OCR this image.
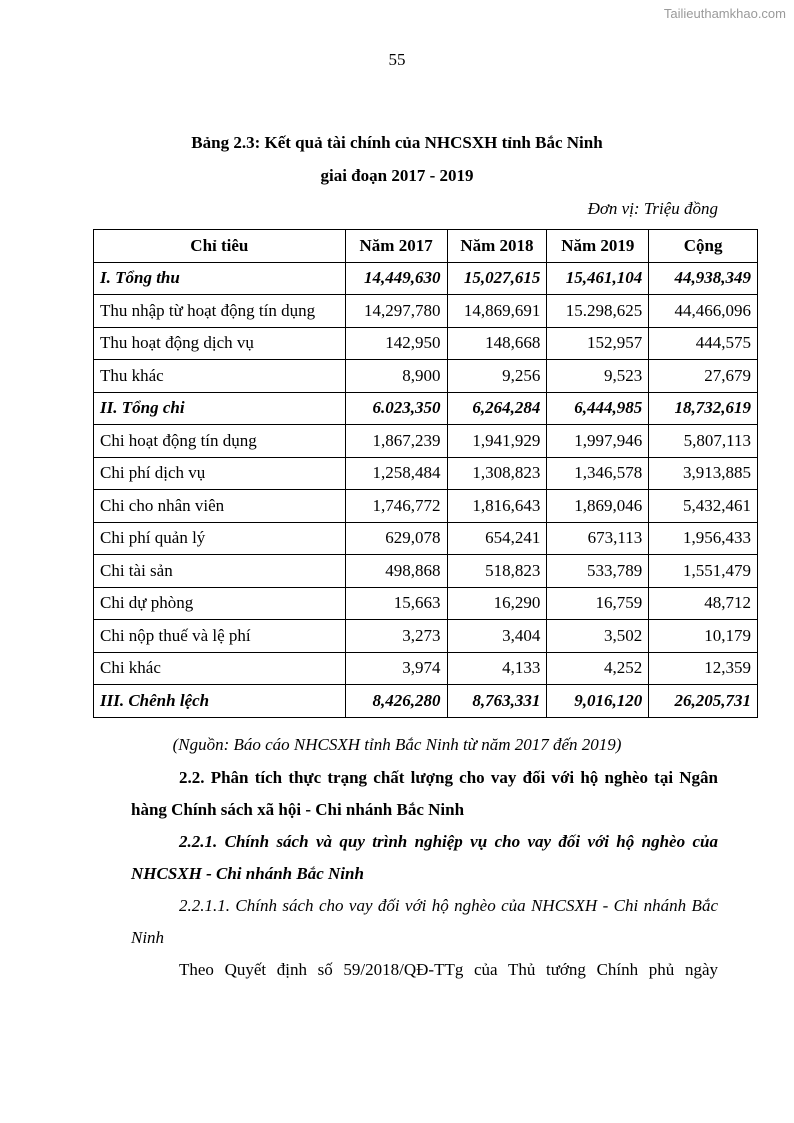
Tailieuthamkhao.com
55
Bảng 2.3: Kết quả tài chính của NHCSXH tỉnh Bắc Ninh
giai đoạn 2017 - 2019
Đơn vị: Triệu đồng
Chỉ tiêu	Năm 2017	Năm 2018	Năm 2019	Cộng
I. Tổng thu	14,449,630	15,027,615	15,461,104	44,938,349
Thu nhập từ hoạt động tín dụng	14,297,780	14,869,691	15.298,625	44,466,096
Thu hoạt động dịch vụ	142,950	148,668	152,957	444,575
Thu khác	8,900	9,256	9,523	27,679
II. Tổng chi	6.023,350	6,264,284	6,444,985	18,732,619
Chi hoạt động tín dụng	1,867,239	1,941,929	1,997,946	5,807,113
Chi phí dịch vụ	1,258,484	1,308,823	1,346,578	3,913,885
Chi cho nhân viên	1,746,772	1,816,643	1,869,046	5,432,461
Chi phí quản lý	629,078	654,241	673,113	1,956,433
Chi tài sản	498,868	518,823	533,789	1,551,479
Chi dự phòng	15,663	16,290	16,759	48,712
Chi nộp thuế và lệ phí	3,273	3,404	3,502	10,179
Chi khác	3,974	4,133	4,252	12,359
III. Chênh lệch	8,426,280	8,763,331	9,016,120	26,205,731
(Nguồn: Báo cáo NHCSXH tỉnh Bắc Ninh từ năm 2017 đến 2019)

2.2. Phân tích thực trạng chất lượng cho vay đối với hộ nghèo tại Ngân hàng Chính sách xã hội - Chi nhánh Bắc Ninh

2.2.1. Chính sách và quy trình nghiệp vụ cho vay đối với hộ nghèo của NHCSXH - Chi nhánh Bắc Ninh

2.2.1.1. Chính sách cho vay đối với hộ nghèo của NHCSXH - Chi nhánh Bắc Ninh

Theo Quyết định số 59/2018/QĐ-TTg của Thủ tướng Chính phủ ngày
